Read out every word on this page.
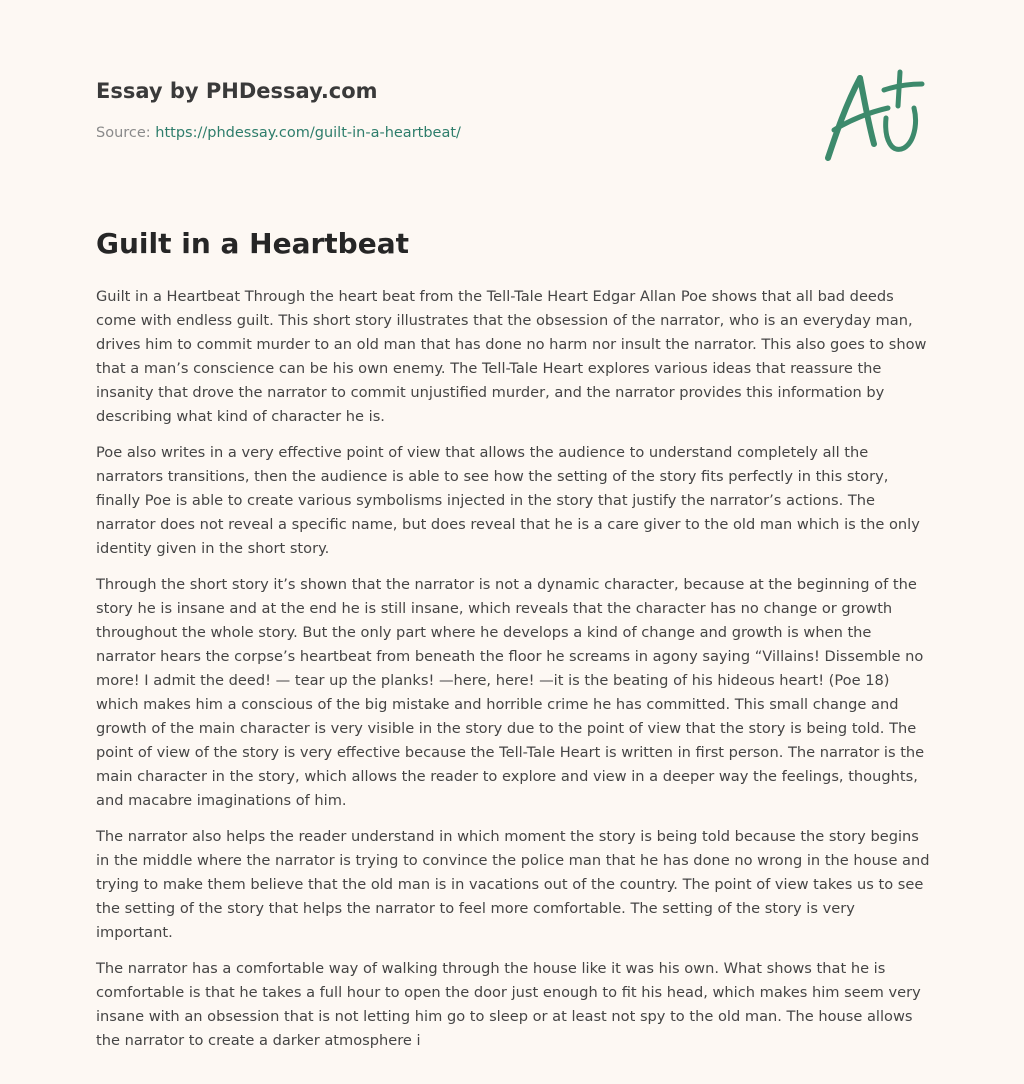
Essay by PHDessay.com
Source: https://phdessay.com/guilt-in-a-heartbeat/
Guilt in a Heartbeat

Guilt in a Heartbeat Through the heart beat from the Tell-Tale Heart Edgar Allan Poe shows that all bad deeds come with endless guilt. This short story illustrates that the obsession of the narrator, who is an everyday man, drives him to commit murder to an old man that has done no harm nor insult the narrator. This also goes to show that a man’s conscience can be his own enemy. The Tell-Tale Heart explores various ideas that reassure the insanity that drove the narrator to commit unjustified murder, and the narrator provides this information by describing what kind of character he is.

Poe also writes in a very effective point of view that allows the audience to understand completely all the narrators transitions, then the audience is able to see how the setting of the story fits perfectly in this story, finally Poe is able to create various symbolisms injected in the story that justify the narrator’s actions. The narrator does not reveal a specific name, but does reveal that he is a care giver to the old man which is the only identity given in the short story.

Through the short story it’s shown that the narrator is not a dynamic character, because at the beginning of the story he is insane and at the end he is still insane, which reveals that the character has no change or growth throughout the whole story. But the only part where he develops a kind of change and growth is when the narrator hears the corpse’s heartbeat from beneath the floor he screams in agony saying “Villains! Dissemble no more! I admit the deed! — tear up the planks! —here, here! —it is the beating of his hideous heart! (Poe 18) which makes him a conscious of the big mistake and horrible crime he has committed. This small change and growth of the main character is very visible in the story due to the point of view that the story is being told. The point of view of the story is very effective because the Tell-Tale Heart is written in first person. The narrator is the main character in the story, which allows the reader to explore and view in a deeper way the feelings, thoughts, and macabre imaginations of him.

The narrator also helps the reader understand in which moment the story is being told because the story begins in the middle where the narrator is trying to convince the police man that he has done no wrong in the house and trying to make them believe that the old man is in vacations out of the country. The point of view takes us to see the setting of the story that helps the narrator to feel more comfortable. The setting of the story is very important.

The narrator has a comfortable way of walking through the house like it was his own. What shows that he is comfortable is that he takes a full hour to open the door just enough to fit his head, which makes him seem very insane with an obsession that is not letting him go to sleep or at least not spy to the old man. The house allows the narrator to create a darker atmosphere i
